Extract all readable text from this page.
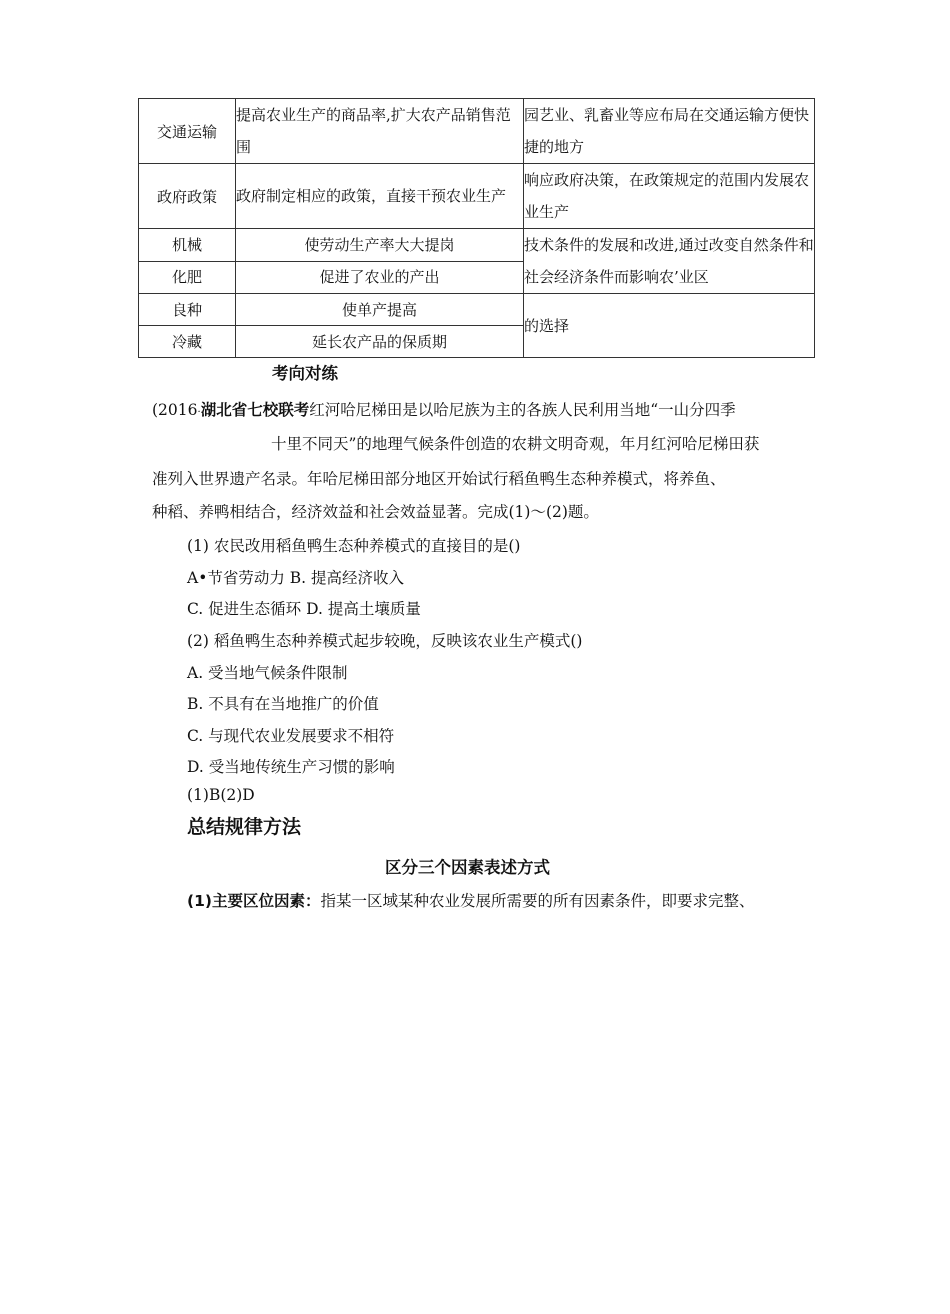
交通运输	提高农业生产的商品率,扩大农产品销售范围	园艺业、乳畜业等应布局在交通运输方便快捷的地方
政府政策	政府制定相应的政策，直接干预农业生产	响应政府决策，在政策规定的范围内发展农业生产
机械	使劳动生产率大大提岗	技术条件的发展和改进,通过改变自然条件和社会经济条件而影响农’业区
化肥	促进了农业的产出	
良种	使单产提高	的选择
冷藏	延长农产品的保质期	
考向对练
(2016·湖北省七校联考红河哈尼梯田是以哈尼族为主的各族人民利用当地“一山分四季
十里不同天”的地理气候条件创造的农耕文明奇观，年月红河哈尼梯田获
准列入世界遗产名录。年哈尼梯田部分地区开始试行稻鱼鸭生态种养模式，将养鱼、
种稻、养鸭相结合，经济效益和社会效益显著。完成(1)～(2)题。
(1) 农民改用稻鱼鸭生态种养模式的直接目的是()
A•节省劳动力 B. 提高经济收入
C. 促进生态循环 D. 提高土壤质量
(2) 稻鱼鸭生态种养模式起步较晚，反映该农业生产模式()
A. 受当地气候条件限制
B. 不具有在当地推广的价值
C. 与现代农业发展要求不相符
D. 受当地传统生产习惯的影响
(1)B(2)D
总结规律方法
区分三个因素表述方式
(1)主要区位因素：指某一区域某种农业发展所需要的所有因素条件，即要求完整、
